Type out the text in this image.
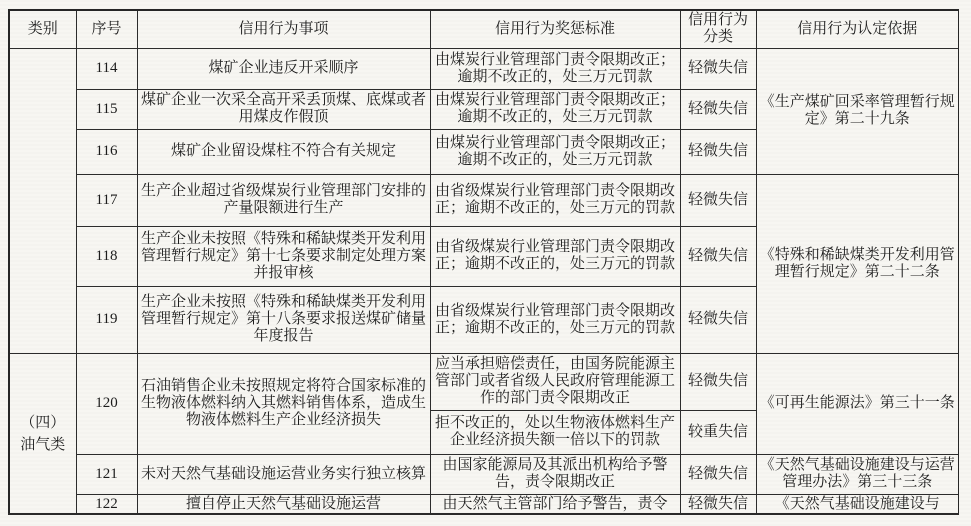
类别	序号	信用行为事项	信用行为奖惩标准	信用行为分类	信用行为认定依据
	114	煤矿企业违反开采顺序	由煤炭行业管理部门责令限期改正；逾期不改正的，处三万元罚款	轻微失信	《生产煤矿回采率管理暂行规定》第二十九条
	115	煤矿企业一次采全高开采丢顶煤、底煤或者用煤皮作假顶	由煤炭行业管理部门责令限期改正；逾期不改正的，处三万元罚款	轻微失信	
	116	煤矿企业留设煤柱不符合有关规定	由煤炭行业管理部门责令限期改正；逾期不改正的，处三万元罚款	轻微失信	
	117	生产企业超过省级煤炭行业管理部门安排的产量限额进行生产	由省级煤炭行业管理部门责令限期改正；逾期不改正的，处三万元的罚款	轻微失信	《特殊和稀缺煤类开发利用管理暂行规定》第二十二条
	118	生产企业未按照《特殊和稀缺煤类开发利用管理暂行规定》第十七条要求制定处理方案并报审核	由省级煤炭行业管理部门责令限期改正；逾期不改正的，处三万元的罚款	轻微失信	
	119	生产企业未按照《特殊和稀缺煤类开发利用管理暂行规定》第十八条要求报送煤矿储量年度报告	由省级煤炭行业管理部门责令限期改正；逾期不改正的，处三万元的罚款	轻微失信	
（四）油气类	120	石油销售企业未按照规定将符合国家标准的生物液体燃料纳入其燃料销售体系，造成生物液体燃料生产企业经济损失	应当承担赔偿责任，由国务院能源主管部门或者省级人民政府管理能源工作的部门责令限期改正	轻微失信	《可再生能源法》第三十一条
			拒不改正的，处以生物液体燃料生产企业经济损失额一倍以下的罚款	较重失信	
	121	未对天然气基础设施运营业务实行独立核算	由国家能源局及其派出机构给予警告，责令限期改正	轻微失信	《天然气基础设施建设与运营管理办法》第三十三条
	122	擅自停止天然气基础设施运营	由天然气主管部门给予警告，责令	轻微失信	《天然气基础设施建设与
